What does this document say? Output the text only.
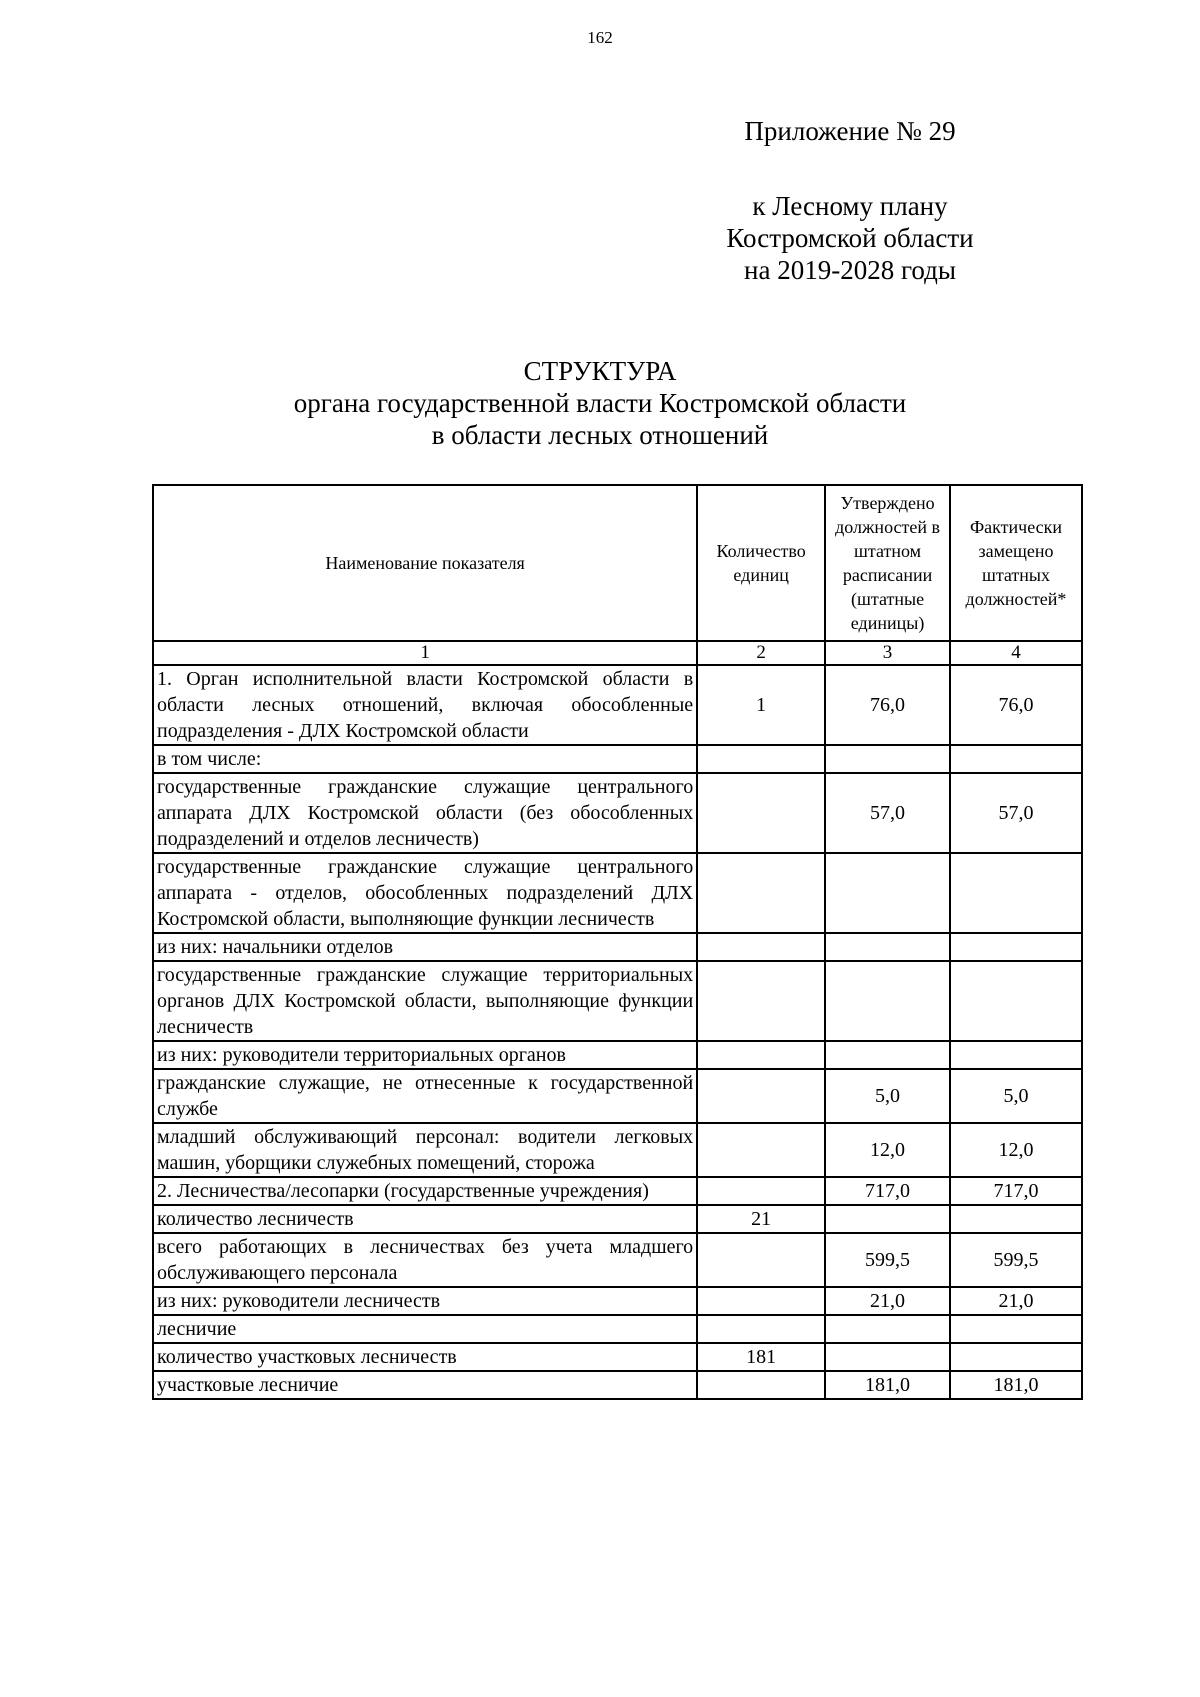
162
Приложение № 29
к Лесному плану
Костромской области
на 2019-2028 годы
СТРУКТУРА
органа государственной власти Костромской области
в области лесных отношений
Наименование показателя	Количество единиц	Утверждено должностей в штатном расписании (штатные единицы)	Фактически замещено штатных должностей*
1	2	3	4
1. Орган исполнительной власти Костромской области в области лесных отношений, включая обособленные подразделения - ДЛХ Костромской области	1	76,0	76,0
в том числе:			
государственные гражданские служащие центрального аппарата ДЛХ Костромской области (без обособленных подразделений и отделов лесничеств)		57,0	57,0
государственные гражданские служащие центрального аппарата - отделов, обособленных подразделений ДЛХ Костромской области, выполняющие функции лесничеств			
из них: начальники отделов			
государственные гражданские служащие территориальных органов ДЛХ Костромской области, выполняющие функции лесничеств			
из них: руководители территориальных органов			
гражданские служащие, не отнесенные к государственной службе		5,0	5,0
младший обслуживающий персонал: водители легковых машин, уборщики служебных помещений, сторожа		12,0	12,0
2. Лесничества/лесопарки (государственные учреждения)		717,0	717,0
количество лесничеств	21		
всего работающих в лесничествах без учета младшего обслуживающего персонала		599,5	599,5
из них: руководители лесничеств		21,0	21,0
лесничие			
количество участковых лесничеств	181		
участковые лесничие		181,0	181,0
